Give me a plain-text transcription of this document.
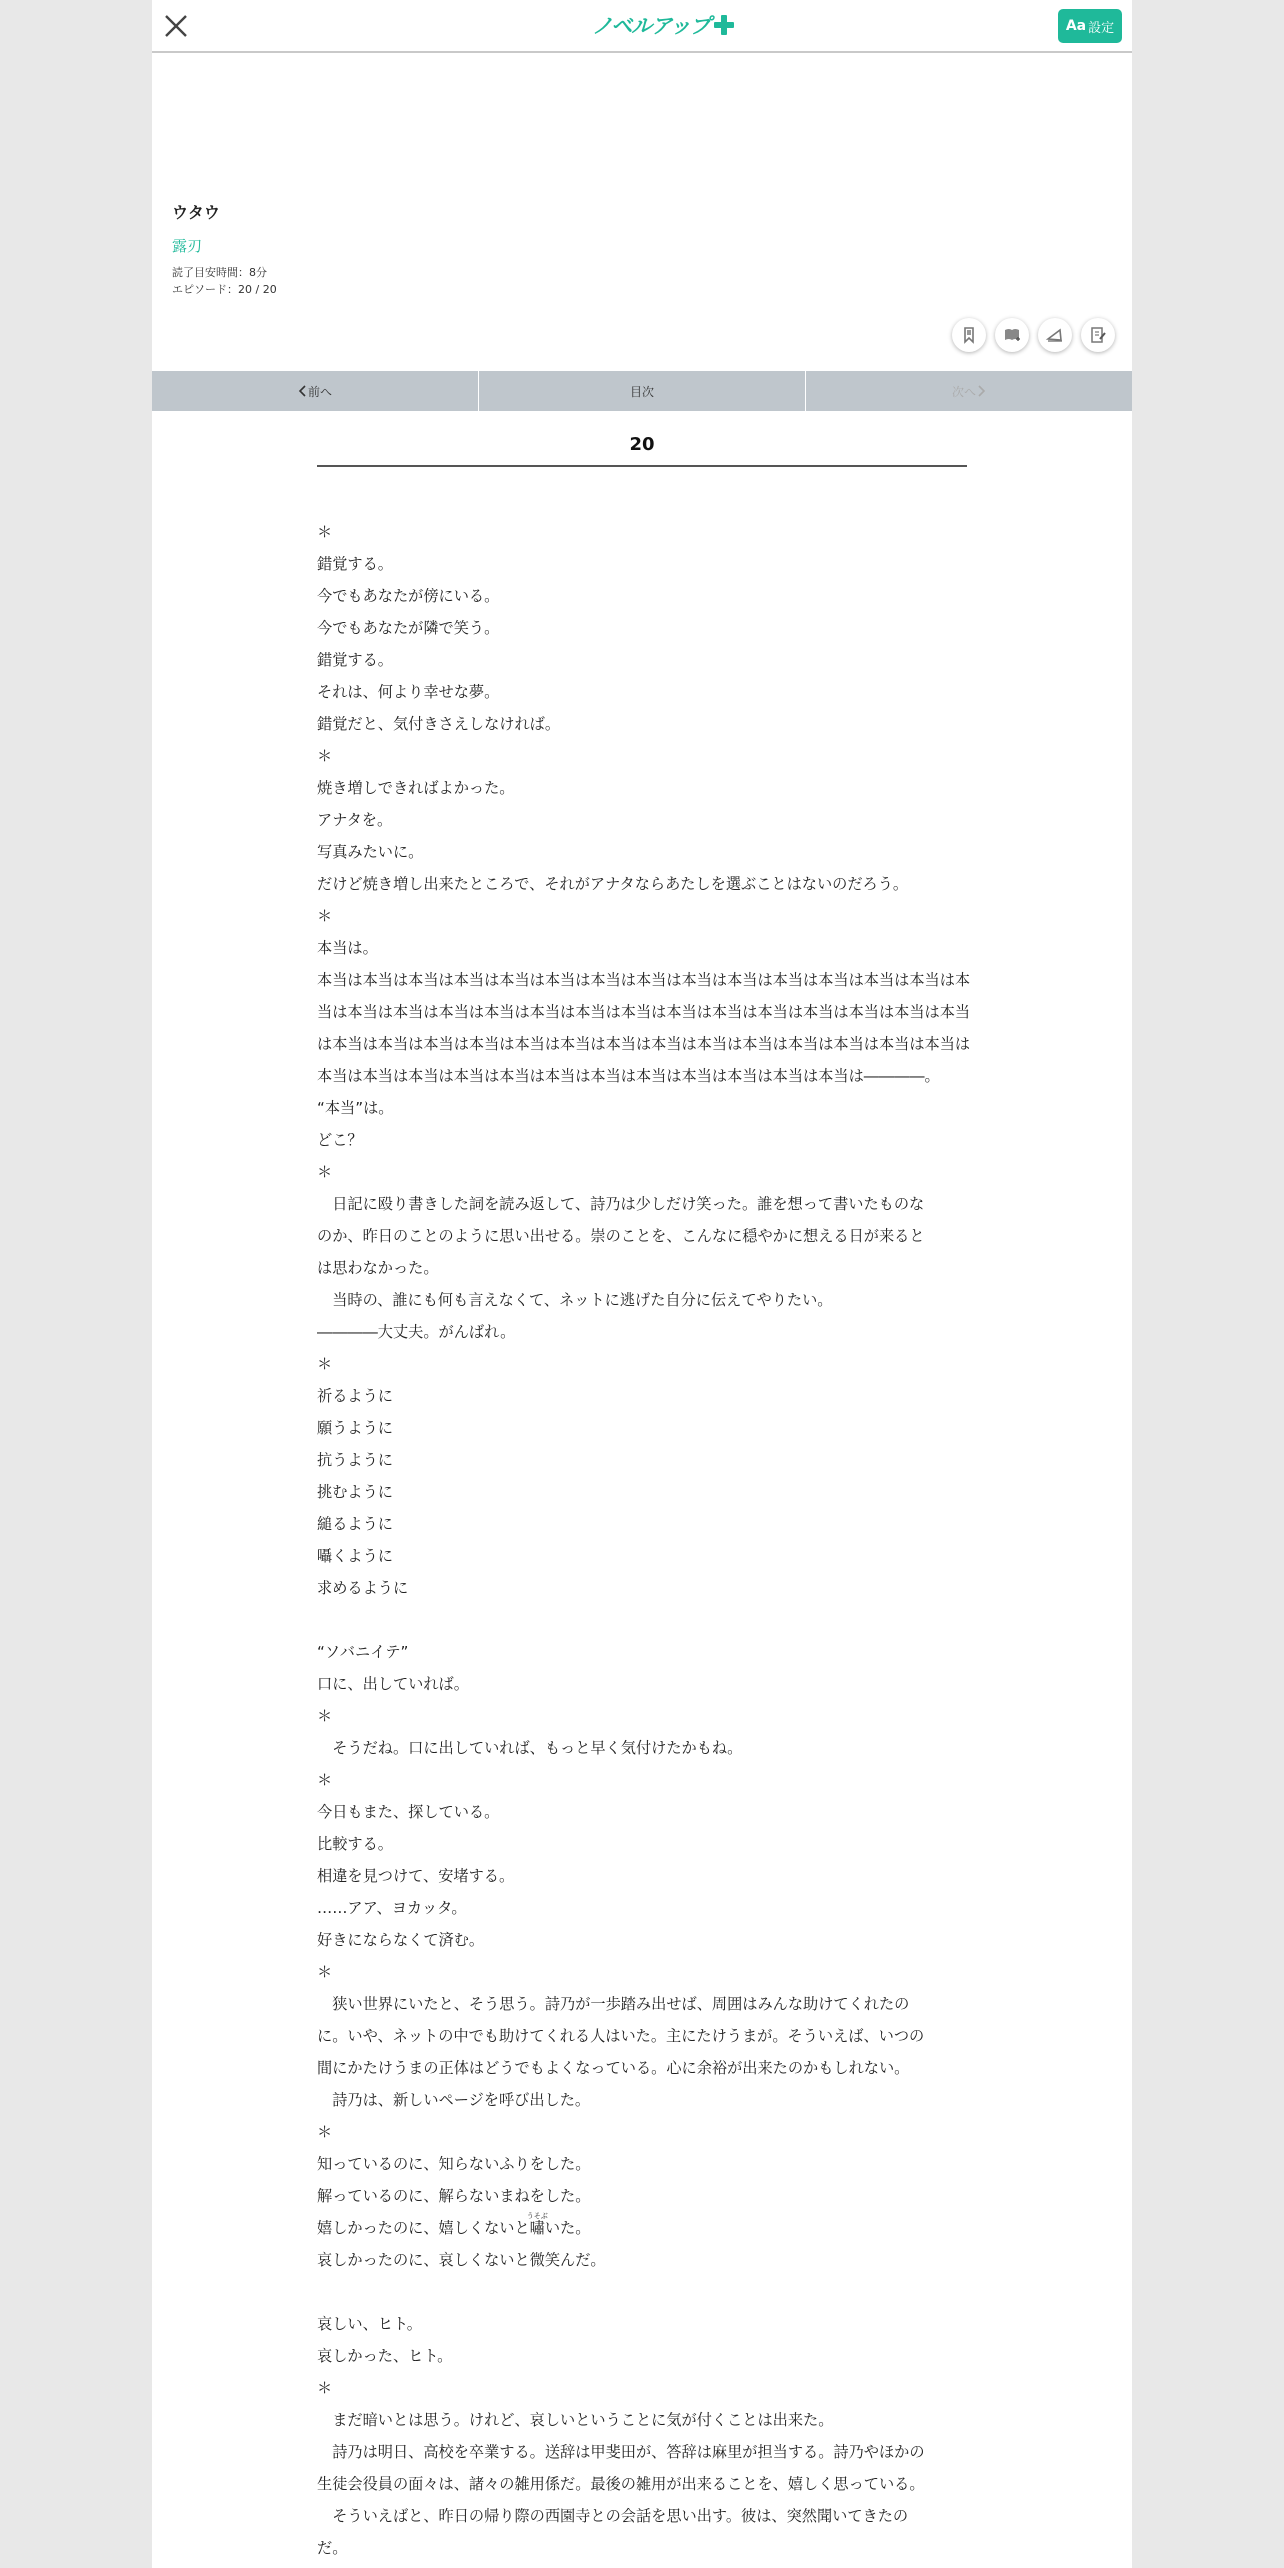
ノベルアップ	Aa 設定
ウタウ
露刃
読了目安時間：8分
エピソード：20 / 20
前へ	目次	次へ
20
＊
錯覚する。
今でもあなたが傍にいる。
今でもあなたが隣で笑う。
錯覚する。
それは、何より幸せな夢。
錯覚だと、気付きさえしなければ。
＊
焼き増しできればよかった。
アナタを。
写真みたいに。
だけど焼き増し出来たところで、それがアナタならあたしを選ぶことはないのだろう。
＊
本当は。
本当は本当は本当は本当は本当は本当は本当は本当は本当は本当は本当は本当は本当は本当は本
当は本当は本当は本当は本当は本当は本当は本当は本当は本当は本当は本当は本当は本当は本当
は本当は本当は本当は本当は本当は本当は本当は本当は本当は本当は本当は本当は本当は本当は
本当は本当は本当は本当は本当は本当は本当は本当は本当は本当は本当は本当は――――。
“本当”は。
どこ？
＊
　日記に殴り書きした詞を読み返して、詩乃は少しだけ笑った。誰を想って書いたものな
のか、昨日のことのように思い出せる。崇のことを、こんなに穏やかに想える日が来ると
は思わなかった。
　当時の、誰にも何も言えなくて、ネットに逃げた自分に伝えてやりたい。
――――大丈夫。がんばれ。
＊
祈るように
願うように
抗うように
挑むように
縋るように
囁くように
求めるように
“ソバニイテ”
口に、出していれば。
＊
　そうだね。口に出していれば、もっと早く気付けたかもね。
＊
今日もまた、探している。
比較する。
相違を見つけて、安堵する。
……アア、ヨカッタ。
好きにならなくて済む。
＊
　狭い世界にいたと、そう思う。詩乃が一歩踏み出せば、周囲はみんな助けてくれたの
に。いや、ネットの中でも助けてくれる人はいた。主にたけうまが。そういえば、いつの
間にかたけうまの正体はどうでもよくなっている。心に余裕が出来たのかもしれない。
　詩乃は、新しいページを呼び出した。
＊
知っているのに、知らないふりをした。
解っているのに、解らないまねをした。
嬉しかったのに、嬉しくないと嘯うそぶいた。
哀しかったのに、哀しくないと微笑んだ。
哀しい、ヒト。
哀しかった、ヒト。
＊
　まだ暗いとは思う。けれど、哀しいということに気が付くことは出来た。
　詩乃は明日、高校を卒業する。送辞は甲斐田が、答辞は麻里が担当する。詩乃やほかの
生徒会役員の面々は、諸々の雑用係だ。最後の雑用が出来ることを、嬉しく思っている。
　そういえばと、昨日の帰り際の西園寺との会話を思い出す。彼は、突然聞いてきたの
だ。
